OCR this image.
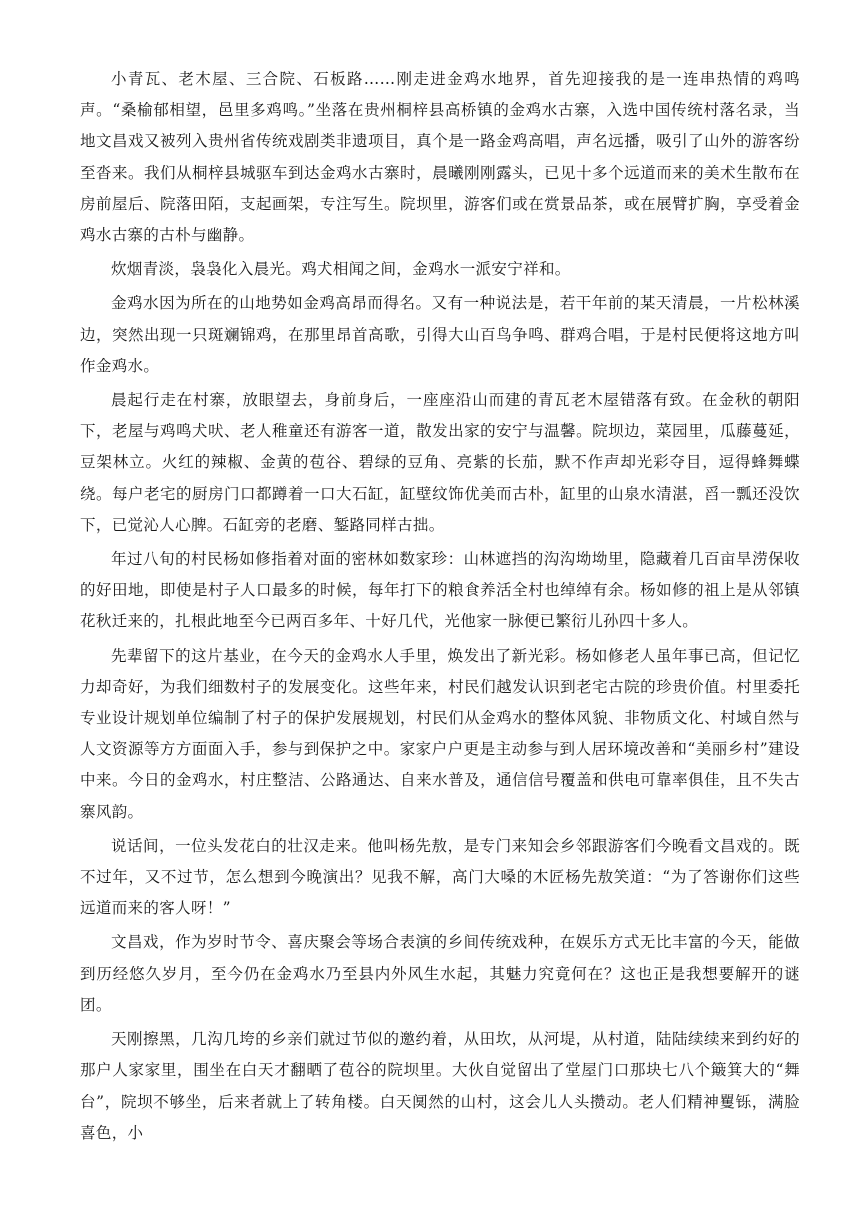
小青瓦、老木屋、三合院、石板路……刚走进金鸡水地界，首先迎接我的是一连串热情的鸡鸣声。“桑榆郁相望，邑里多鸡鸣。”坐落在贵州桐梓县高桥镇的金鸡水古寨，入选中国传统村落名录，当地文昌戏又被列入贵州省传统戏剧类非遗项目，真个是一路金鸡高唱，声名远播，吸引了山外的游客纷至沓来。我们从桐梓县城驱车到达金鸡水古寨时，晨曦刚刚露头，已见十多个远道而来的美术生散布在房前屋后、院落田陌，支起画架，专注写生。院坝里，游客们或在赏景品茶，或在展臂扩胸，享受着金鸡水古寨的古朴与幽静。

炊烟青淡，袅袅化入晨光。鸡犬相闻之间，金鸡水一派安宁祥和。

金鸡水因为所在的山地势如金鸡高昂而得名。又有一种说法是，若干年前的某天清晨，一片松林溪边，突然出现一只斑斓锦鸡，在那里昂首高歌，引得大山百鸟争鸣、群鸡合唱，于是村民便将这地方叫作金鸡水。

晨起行走在村寨，放眼望去，身前身后，一座座沿山而建的青瓦老木屋错落有致。在金秋的朝阳下，老屋与鸡鸣犬吠、老人稚童还有游客一道，散发出家的安宁与温馨。院坝边，菜园里，瓜藤蔓延，豆架林立。火红的辣椒、金黄的苞谷、碧绿的豆角、亮紫的长茄，默不作声却光彩夺目，逗得蜂舞蝶绕。每户老宅的厨房门口都蹲着一口大石缸，缸壁纹饰优美而古朴，缸里的山泉水清湛，舀一瓢还没饮下，已觉沁人心脾。石缸旁的老磨、錾路同样古拙。

年过八旬的村民杨如修指着对面的密林如数家珍：山林遮挡的沟沟坳坳里，隐藏着几百亩旱涝保收的好田地，即使是村子人口最多的时候，每年打下的粮食养活全村也绰绰有余。杨如修的祖上是从邻镇花秋迁来的，扎根此地至今已两百多年、十好几代，光他家一脉便已繁衍儿孙四十多人。

先辈留下的这片基业，在今天的金鸡水人手里，焕发出了新光彩。杨如修老人虽年事已高，但记忆力却奇好，为我们细数村子的发展变化。这些年来，村民们越发认识到老宅古院的珍贵价值。村里委托专业设计规划单位编制了村子的保护发展规划，村民们从金鸡水的整体风貌、非物质文化、村域自然与人文资源等方方面面入手，参与到保护之中。家家户户更是主动参与到人居环境改善和“美丽乡村”建设中来。今日的金鸡水，村庄整洁、公路通达、自来水普及，通信信号覆盖和供电可靠率俱佳，且不失古寨风韵。

说话间，一位头发花白的壮汉走来。他叫杨先敖，是专门来知会乡邻跟游客们今晚看文昌戏的。既不过年，又不过节，怎么想到今晚演出？见我不解，高门大嗓的木匠杨先敖笑道：“为了答谢你们这些远道而来的客人呀！”

文昌戏，作为岁时节令、喜庆聚会等场合表演的乡间传统戏种，在娱乐方式无比丰富的今天，能做到历经悠久岁月，至今仍在金鸡水乃至县内外风生水起，其魅力究竟何在？这也正是我想要解开的谜团。

天刚擦黑，几沟几垮的乡亲们就过节似的邀约着，从田坎，从河堤，从村道，陆陆续续来到约好的那户人家家里，围坐在白天才翻晒了苞谷的院坝里。大伙自觉留出了堂屋门口那块七八个簸箕大的“舞台”，院坝不够坐，后来者就上了转角楼。白天阒然的山村，这会儿人头攒动。老人们精神矍铄，满脸喜色，小
